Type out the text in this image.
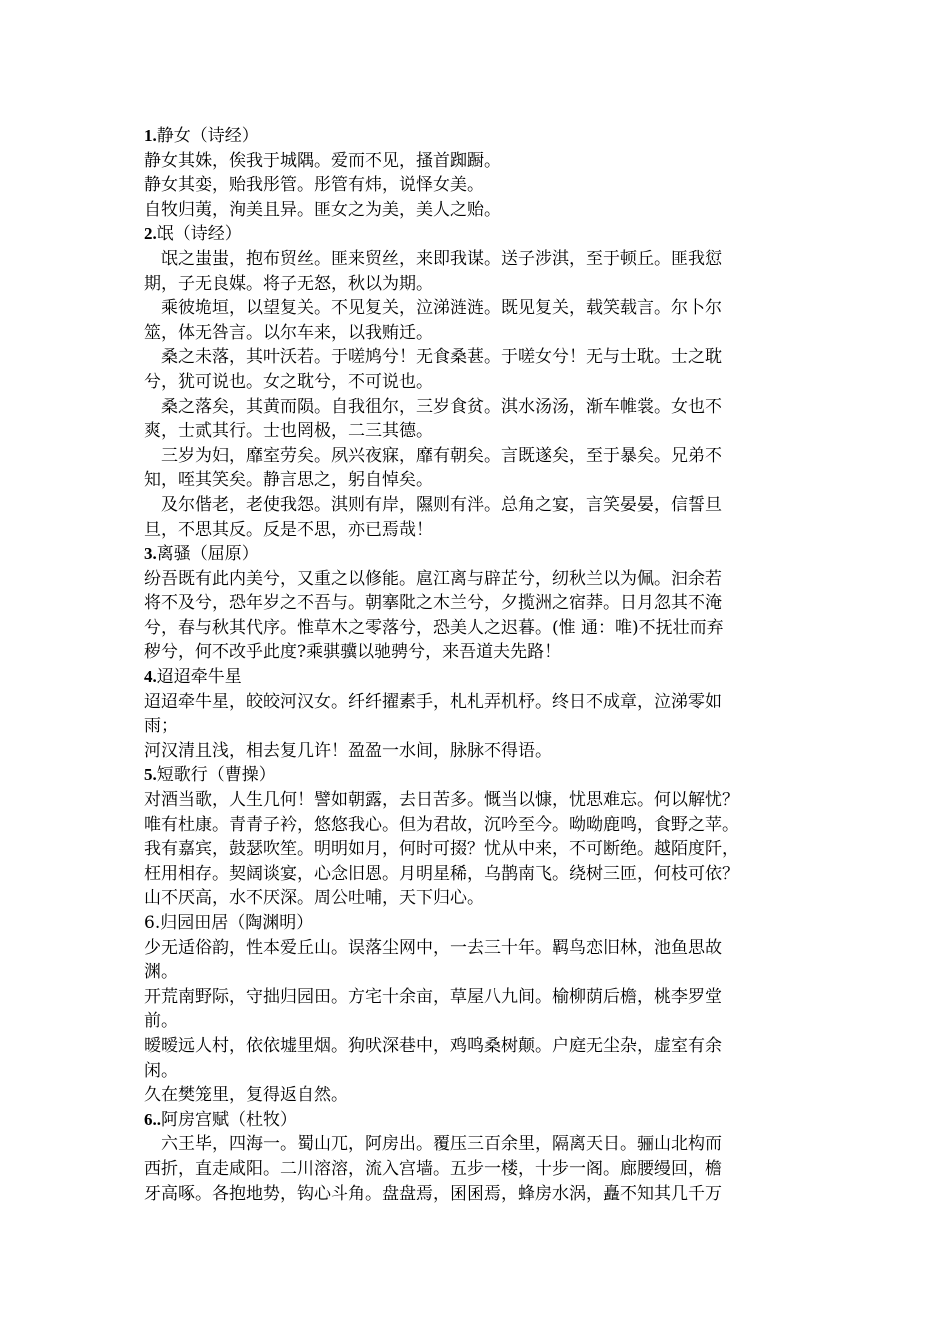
1.静女（诗经）
静女其姝，俟我于城隅。爱而不见，搔首踟蹰。
静女其娈，贻我彤管。彤管有炜，说怿女美。
自牧归荑，洵美且异。匪女之为美，美人之贻。
2.氓（诗经）
　氓之蚩蚩，抱布贸丝。匪来贸丝，来即我谋。送子涉淇，至于顿丘。匪我愆
期，子无良媒。将子无怒，秋以为期。
　乘彼垝垣，以望复关。不见复关，泣涕涟涟。既见复关，载笑载言。尔卜尔
筮，体无咎言。以尔车来，以我贿迁。
　桑之未落，其叶沃若。于嗟鸠兮！无食桑葚。于嗟女兮！无与士耽。士之耽
兮，犹可说也。女之耽兮，不可说也。
　桑之落矣，其黄而陨。自我徂尔，三岁食贫。淇水汤汤，渐车帷裳。女也不
爽，士贰其行。士也罔极，二三其德。
　三岁为妇，靡室劳矣。夙兴夜寐，靡有朝矣。言既遂矣，至于暴矣。兄弟不
知，咥其笑矣。静言思之，躬自悼矣。
　及尔偕老，老使我怨。淇则有岸，隰则有泮。总角之宴，言笑晏晏，信誓旦
旦，不思其反。反是不思，亦已焉哉！
3.离骚（屈原）
纷吾既有此内美兮，又重之以修能。扈江离与辟芷兮，纫秋兰以为佩。汩余若
将不及兮，恐年岁之不吾与。朝搴阰之木兰兮，夕揽洲之宿莽。日月忽其不淹
兮，春与秋其代序。惟草木之零落兮，恐美人之迟暮。(惟 通：唯)不抚壮而弃
秽兮，何不改乎此度?乘骐骥以驰骋兮，来吾道夫先路！
4.迢迢牵牛星
迢迢牵牛星，皎皎河汉女。纤纤擢素手，札札弄机杼。终日不成章，泣涕零如
雨；
河汉清且浅，相去复几许！盈盈一水间，脉脉不得语。
5.短歌行（曹操）
对酒当歌，人生几何！譬如朝露，去日苦多。慨当以慷，忧思难忘。何以解忧？
唯有杜康。青青子衿，悠悠我心。但为君故，沉吟至今。呦呦鹿鸣，食野之苹。
我有嘉宾，鼓瑟吹笙。明明如月，何时可掇？忧从中来，不可断绝。越陌度阡，
枉用相存。契阔谈宴，心念旧恩。月明星稀，乌鹊南飞。绕树三匝，何枝可依？
山不厌高，水不厌深。周公吐哺，天下归心。
6.归园田居（陶渊明）
少无适俗韵，性本爱丘山。误落尘网中，一去三十年。羁鸟恋旧林，池鱼思故
渊。
开荒南野际，守拙归园田。方宅十余亩，草屋八九间。榆柳荫后檐，桃李罗堂
前。
暧暧远人村，依依墟里烟。狗吠深巷中，鸡鸣桑树颠。户庭无尘杂，虚室有余
闲。
久在樊笼里，复得返自然。
6..阿房宫赋（杜牧）
　六王毕，四海一。蜀山兀，阿房出。覆压三百余里，隔离天日。骊山北构而
西折，直走咸阳。二川溶溶，流入宫墙。五步一楼，十步一阁。廊腰缦回，檐
牙高啄。各抱地势，钩心斗角。盘盘焉，囷囷焉，蜂房水涡，矗不知其几千万
